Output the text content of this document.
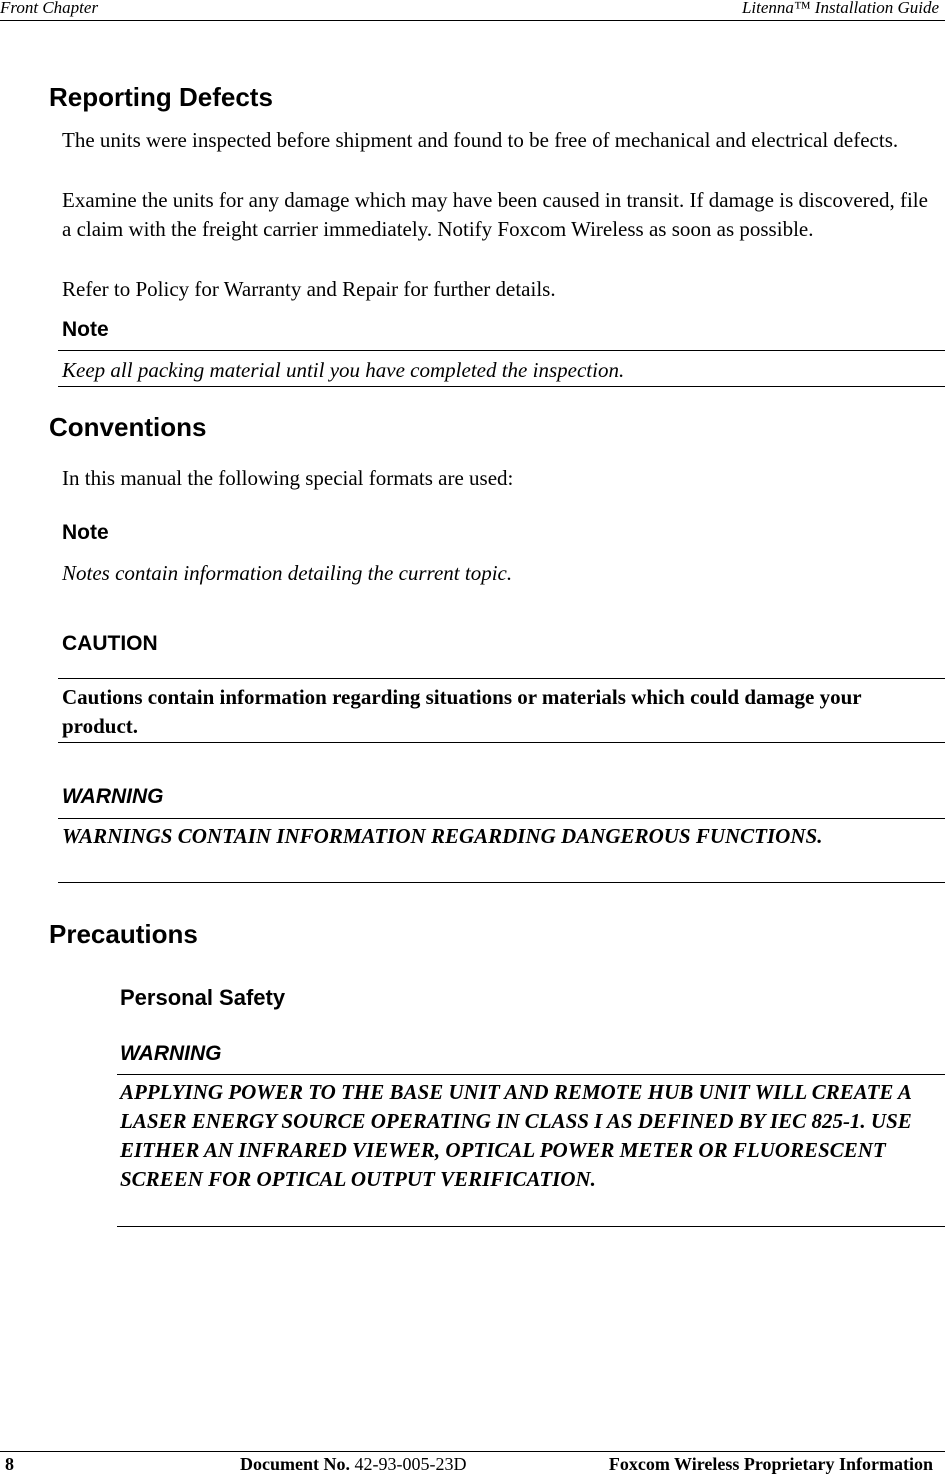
Front Chapter	Litenna™ Installation Guide
Reporting Defects
The units were inspected before shipment and found to be free of mechanical and electrical defects.
Examine the units for any damage which may have been caused in transit. If damage is discovered, file a claim with the freight carrier immediately. Notify Foxcom Wireless as soon as possible.
Refer to Policy for Warranty and Repair for further details.
Note
Keep all packing material until you have completed the inspection.
Conventions
In this manual the following special formats are used:
Note
Notes contain information detailing the current topic.
CAUTION
Cautions contain information regarding situations or materials which could damage your product.
WARNING
WARNINGS CONTAIN INFORMATION REGARDING DANGEROUS FUNCTIONS.
Precautions
Personal Safety
WARNING
APPLYING POWER TO THE BASE UNIT AND REMOTE HUB UNIT WILL CREATE A LASER ENERGY SOURCE OPERATING IN CLASS I AS DEFINED BY IEC 825-1. USE EITHER AN INFRARED VIEWER, OPTICAL POWER METER OR FLUORESCENT SCREEN FOR OPTICAL OUTPUT VERIFICATION.
8	Document No. 42-93-005-23D	Foxcom Wireless Proprietary Information
